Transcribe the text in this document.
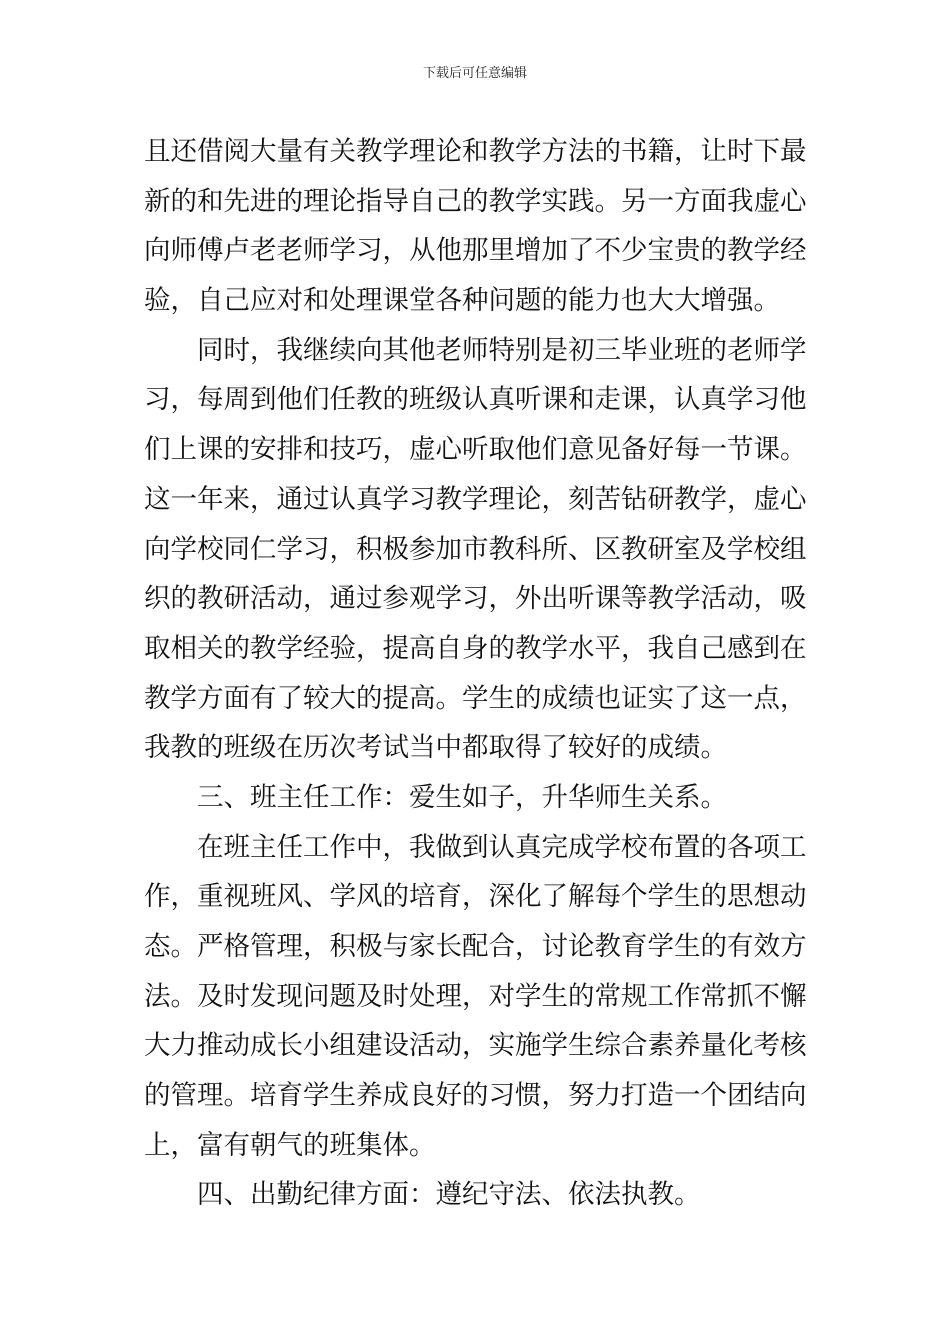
下载后可任意编辑
且还借阅大量有关教学理论和教学方法的书籍，让时下最
新的和先进的理论指导自己的教学实践。另一方面我虚心
向师傅卢老老师学习，从他那里增加了不少宝贵的教学经
验，自己应对和处理课堂各种问题的能力也大大增强。
同时，我继续向其他老师特别是初三毕业班的老师学
习，每周到他们任教的班级认真听课和走课，认真学习他
们上课的安排和技巧，虚心听取他们意见备好每一节课。
这一年来，通过认真学习教学理论，刻苦钻研教学，虚心
向学校同仁学习，积极参加市教科所、区教研室及学校组
织的教研活动，通过参观学习，外出听课等教学活动，吸
取相关的教学经验，提高自身的教学水平，我自己感到在
教学方面有了较大的提高。学生的成绩也证实了这一点，
我教的班级在历次考试当中都取得了较好的成绩。
三、班主任工作：爱生如子，升华师生关系。
在班主任工作中，我做到认真完成学校布置的各项工
作，重视班风、学风的培育，深化了解每个学生的思想动
态。严格管理，积极与家长配合，讨论教育学生的有效方
法。及时发现问题及时处理，对学生的常规工作常抓不懈
大力推动成长小组建设活动，实施学生综合素养量化考核
的管理。培育学生养成良好的习惯，努力打造一个团结向
上，富有朝气的班集体。
四、出勤纪律方面：遵纪守法、依法执教。
